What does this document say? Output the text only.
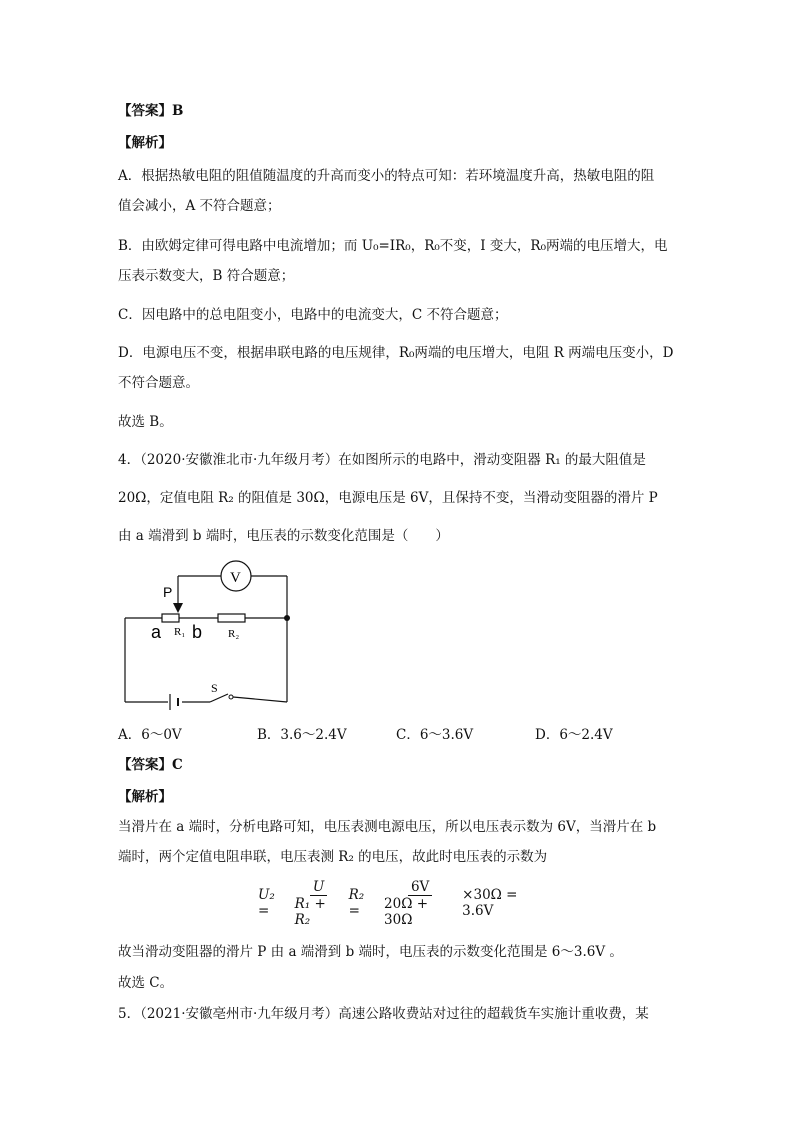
【答案】B
【解析】
A．根据热敏电阻的阻值随温度的升高而变小的特点可知：若环境温度升高，热敏电阻的阻
值会减小，A 不符合题意；
B．由欧姆定律可得电路中电流增加；而 U₀=IR₀，R₀不变，I 变大，R₀两端的电压增大，电
压表示数变大，B 符合题意；
C．因电路中的总电阻变小，电路中的电流变大，C 不符合题意；
D．电源电压不变，根据串联电路的电压规律，R₀两端的电压增大，电阻 R 两端电压变小，D
不符合题意。
故选 B。
4．（2020·安徽淮北市·九年级月考）在如图所示的电路中，滑动变阻器 R₁ 的最大阻值是
20Ω，定值电阻 R₂ 的阻值是 30Ω，电源电压是 6V，且保持不变，当滑动变阻器的滑片 P
由 a 端滑到 b 端时，电压表的示数变化范围是（　　）
S
V
P
a R₁ b R₂
A．6～0V	B．3.6～2.4V	C．6～3.6V	D．6～2.4V
【答案】C
【解析】
当滑片在 a 端时，分析电路可知，电压表测电源电压，所以电压表示数为 6V，当滑片在 b
端时，两个定值电阻串联，电压表测 R₂ 的电压，故此时电压表的示数为
U₂ =	$\frac{U}{\text{R₁ + R₂}} R_2$ =	$\frac{6V}{20\Omega + 30\Omega} \times 30\Omega = 3.6V$
故当滑动变阻器的滑片 P 由 a 端滑到 b 端时，电压表的示数变化范围是 6～3.6V 。
故选 C。
5．（2021·安徽亳州市·九年级月考）高速公路收费站对过往的超载货车实施计重收费，某
